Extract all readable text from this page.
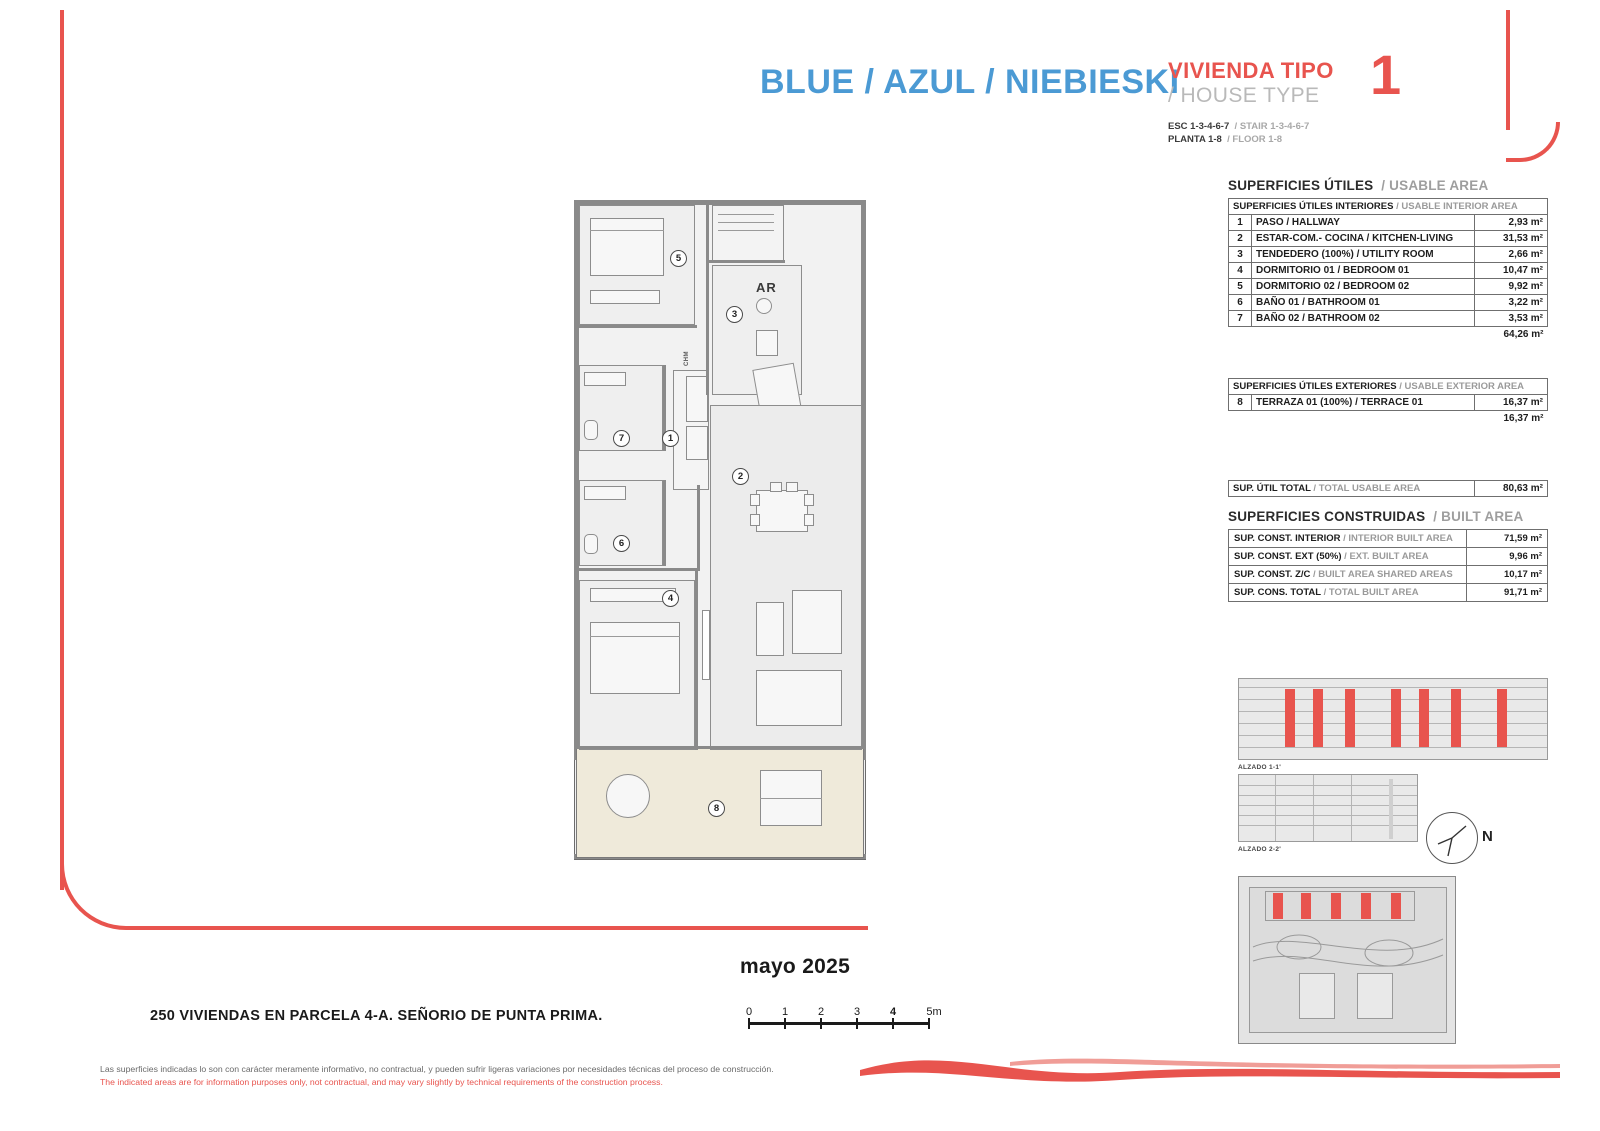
BLUE / AZUL / NIEBIESKI
VIVIENDA TIPO
/ HOUSE TYPE 1
ESC 1-3-4-6-7  / STAIR 1-3-4-6-7
PLANTA 1-8  / FLOOR 1-8
AR
CHM
5
3
7	1
2
6
4
8
SUPERFICIES ÚTILES / USABLE AREA
SUPERFICIES ÚTILES INTERIORES / USABLE INTERIOR AREA		
1	PASO / HALLWAY	2,93 m²
2	ESTAR-COM.- COCINA / KITCHEN-LIVING	31,53 m²
3	TENDEDERO (100%) / UTILITY ROOM	2,66 m²
4	DORMITORIO 01 / BEDROOM 01	10,47 m²
5	DORMITORIO 02 / BEDROOM 02	9,92 m²
6	BAÑO 01 / BATHROOM 01	3,22 m²
7	BAÑO 02 / BATHROOM 02	3,53 m²
64,26 m²		
SUPERFICIES ÚTILES EXTERIORES / USABLE EXTERIOR AREA
8	TERRAZA 01 (100%) / TERRACE 01	16,37 m²
16,37 m²
SUP. ÚTIL TOTAL / TOTAL USABLE AREA	80,63 m²
SUPERFICIES CONSTRUIDAS / BUILT AREA
SUP. CONST. INTERIOR / INTERIOR BUILT AREA	71,59 m²
SUP. CONST. EXT (50%) / EXT. BUILT AREA	9,96 m²
SUP. CONST. Z/C / BUILT AREA SHARED AREAS	10,17 m²
SUP. CONS. TOTAL / TOTAL BUILT AREA	91,71 m²
ALZADO 1-1'
ALZADO 2-2'
N
mayo 2025
250 VIVIENDAS EN PARCELA 4-A. SEÑORIO DE PUNTA PRIMA.	0	1	2	3	4	5m
Las superficies indicadas lo son con carácter meramente informativo, no contractual, y pueden sufrir ligeras variaciones por necesidades técnicas del proceso de construcción.
The indicated areas are for information purposes only, not contractual, and may vary slightly by technical requirements of the construction process.
